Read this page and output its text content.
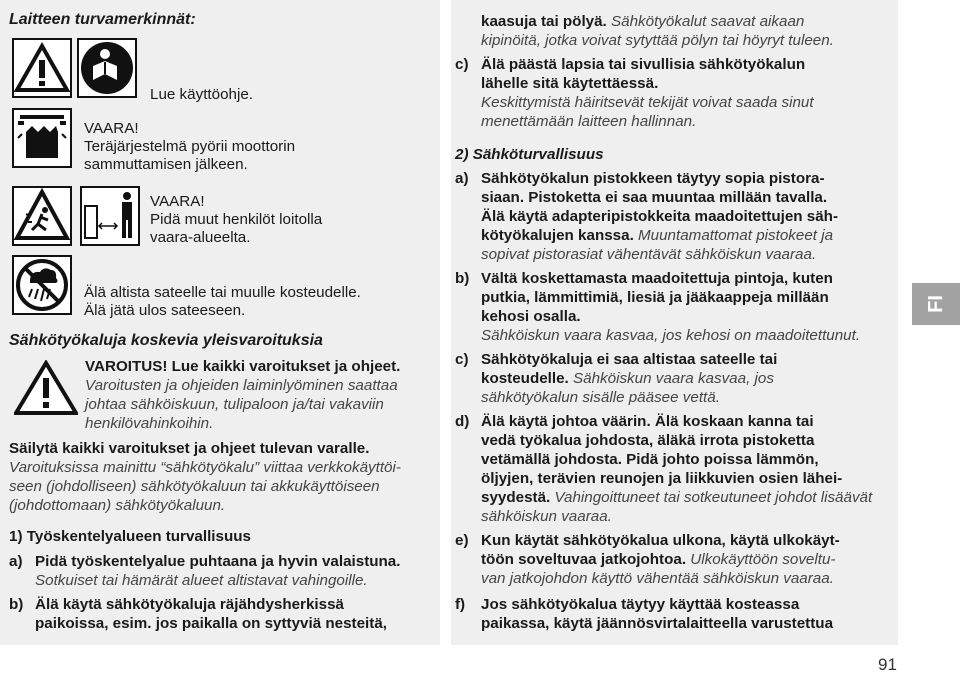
Laitteen turvamerkinnät:
Lue käyttöohje.
VAARA!
Teräjärjestelmä pyörii moottorin
sammuttamisen jälkeen.
VAARA!
Pidä muut henkilöt loitolla
vaara-alueelta.
Älä altista sateelle tai muulle kosteudelle.
Älä jätä ulos sateeseen.
Sähkötyökaluja koskevia yleisvaroituksia
VAROITUS! Lue kaikki varoitukset ja ohjeet.
Varoitusten ja ohjeiden laiminlyöminen saattaa
johtaa sähköiskuun, tulipaloon ja/tai vakaviin
henkilövahinkoihin.
Säilytä kaikki varoitukset ja ohjeet tulevan varalle.
Varoituksissa mainittu “sähkötyökalu” viittaa verkkokäyttöi-
seen (johdolliseen) sähkötyökaluun tai akkukäyttöiseen
(johdottomaan) sähkötyökaluun.
1) Työskentelyalueen turvallisuus
a) Pidä työskentelyalue puhtaana ja hyvin valaistuna.
Sotkuiset tai hämärät alueet altistavat vahingoille.
b) Älä käytä sähkötyökaluja räjähdysherkissä
paikoissa, esim. jos paikalla on syttyviä nesteitä,
kaasuja tai pölyä. Sähkötyökalut saavat aikaan
kipinöitä, jotka voivat sytyttää pölyn tai höyryt tuleen.
c) Älä päästä lapsia tai sivullisia sähkötyökalun
lähelle sitä käytettäessä.
Keskittymistä häiritsevät tekijät voivat saada sinut
menettämään laitteen hallinnan.
2) Sähköturvallisuus
a) Sähkötyökalun pistokkeen täytyy sopia pistora-
siaan. Pistoketta ei saa muuntaa millään tavalla.
Älä käytä adapteripistokkeita maadoitettujen säh-
kötyökalujen kanssa. Muuntamattomat pistokeet ja
sopivat pistorasiat vähentävät sähköiskun vaaraa.
b) Vältä koskettamasta maadoitettuja pintoja, kuten
putkia, lämmittimiä, liesiä ja jääkaappeja millään
kehosi osalla.
Sähköiskun vaara kasvaa, jos kehosi on maadoitettunut.
c) Sähkötyökaluja ei saa altistaa sateelle tai
kosteudelle. Sähköiskun vaara kasvaa, jos
sähkötyökalun sisälle pääsee vettä.
d) Älä käytä johtoa väärin. Älä koskaan kanna tai
vedä työkalua johdosta, äläkä irrota pistoketta
vetämällä johdosta. Pidä johto poissa lämmön,
öljyjen, terävien reunojen ja liikkuvien osien lähei-
syydestä. Vahingoittuneet tai sotkeutuneet johdot lisäävät
sähköiskun vaaraa.
e) Kun käytät sähkötyökalua ulkona, käytä ulkokäyt-
töön soveltuvaa jatkojohtoa. Ulkokäyttöön soveltu-
van jatkojohdon käyttö vähentää sähköiskun vaaraa.
f) Jos sähkötyökalua täytyy käyttää kosteassa
paikassa, käytä jäännösvirtalaitteella varustettua
FI
91
